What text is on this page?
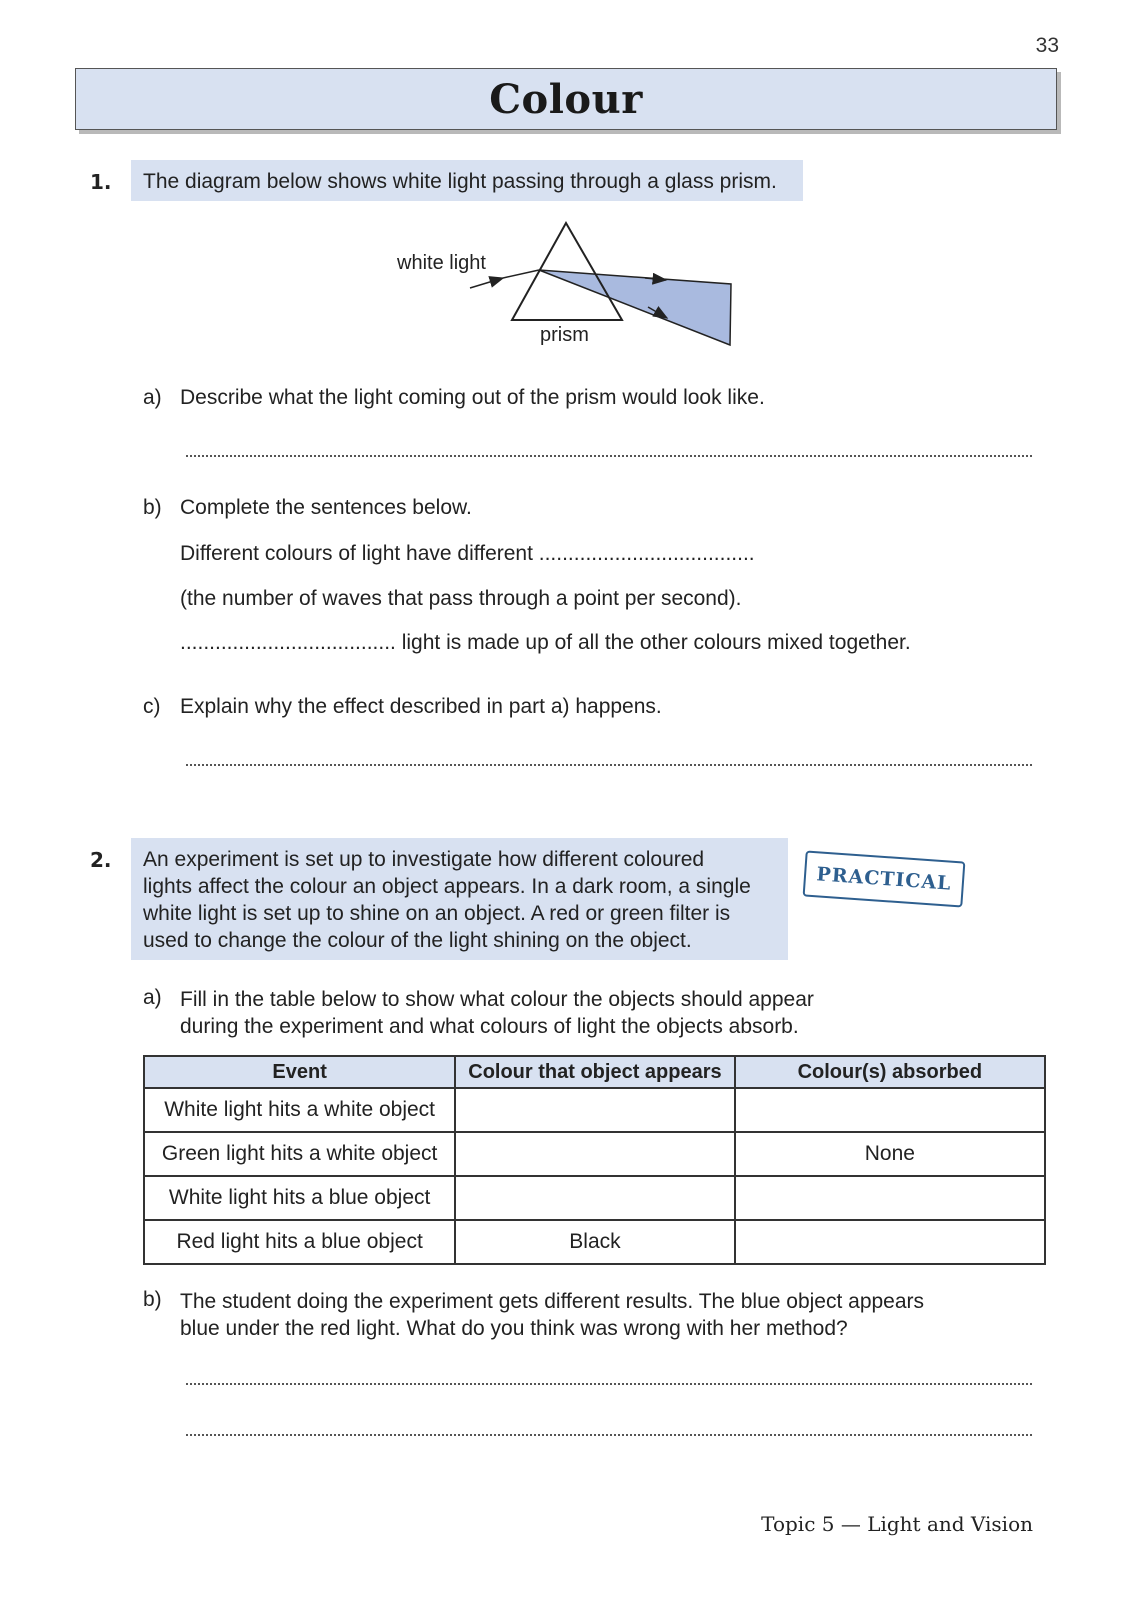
33
Colour
1.	The diagram below shows white light passing through a glass prism.
white light
prism
a) Describe what the light coming out of the prism would look like.
b) Complete the sentences below.
Different colours of light have different .....................................
(the number of waves that pass through a point per second).
..................................... light is made up of all the other colours mixed together.
c) Explain why the effect described in part a) happens.
2. An experiment is set up to investigate how different coloured
lights affect the colour an object appears. In a dark room, a single
white light is set up to shine on an object. A red or green filter is
used to change the colour of the light shining on the object.
PRACTICAL
a) Fill in the table below to show what colour the objects should appear
during the experiment and what colours of light the objects absorb.
Event	Colour that object appears	Colour(s) absorbed
White light hits a white object		
Green light hits a white object		None
White light hits a blue object		
Red light hits a blue object	Black	
b) The student doing the experiment gets different results. The blue object appears
blue under the red light. What do you think was wrong with her method?
Topic 5 — Light and Vision
